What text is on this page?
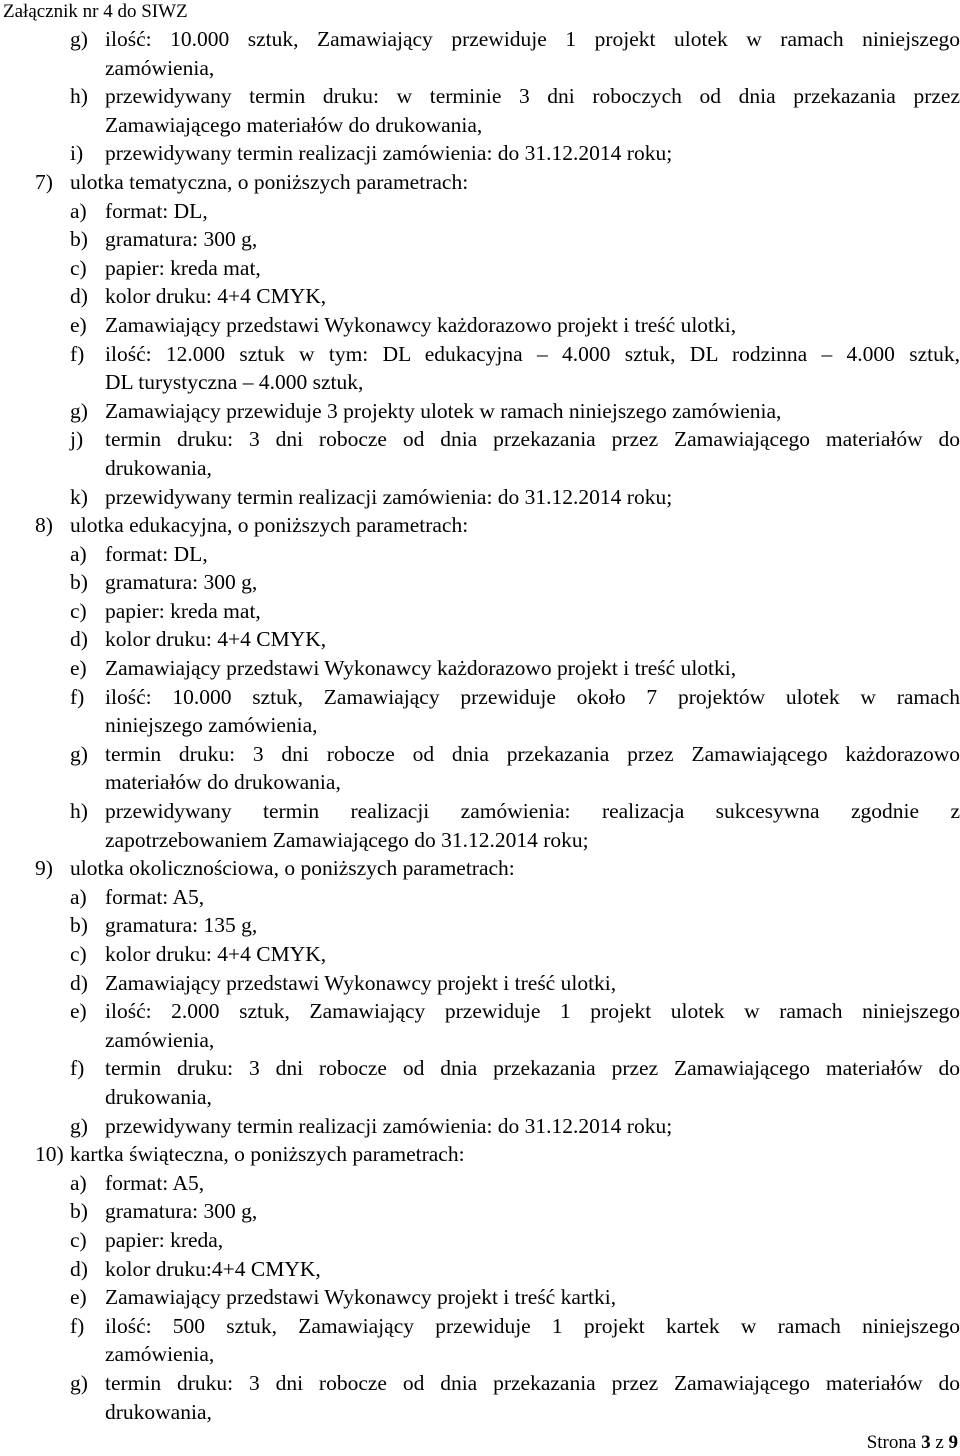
Załącznik nr 4 do SIWZ
g) ilość: 10.000 sztuk, Zamawiający przewiduje 1 projekt ulotek w ramach niniejszego
zamówienia,
h) przewidywany termin druku: w terminie 3 dni roboczych od dnia przekazania przez
Zamawiającego materiałów do drukowania,
i) przewidywany termin realizacji zamówienia: do 31.12.2014 roku;
7) ulotka tematyczna, o poniższych parametrach:
a) format: DL,
b) gramatura: 300 g,
c) papier: kreda mat,
d) kolor druku: 4+4 CMYK,
e) Zamawiający przedstawi Wykonawcy każdorazowo projekt i treść ulotki,
f) ilość: 12.000 sztuk w tym: DL edukacyjna – 4.000 sztuk, DL rodzinna – 4.000 sztuk,
DL turystyczna – 4.000 sztuk,
g) Zamawiający przewiduje 3 projekty ulotek w ramach niniejszego zamówienia,
j) termin druku: 3 dni robocze od dnia przekazania przez Zamawiającego materiałów do
drukowania,
k) przewidywany termin realizacji zamówienia: do 31.12.2014 roku;
8) ulotka edukacyjna, o poniższych parametrach:
a) format: DL,
b) gramatura: 300 g,
c) papier: kreda mat,
d) kolor druku: 4+4 CMYK,
e) Zamawiający przedstawi Wykonawcy każdorazowo projekt i treść ulotki,
f) ilość: 10.000 sztuk, Zamawiający przewiduje około 7 projektów ulotek w ramach
niniejszego zamówienia,
g) termin druku: 3 dni robocze od dnia przekazania przez Zamawiającego każdorazowo
materiałów do drukowania,
h) przewidywany termin realizacji zamówienia: realizacja sukcesywna zgodnie z
zapotrzebowaniem Zamawiającego do 31.12.2014 roku;
9) ulotka okolicznościowa, o poniższych parametrach:
a) format: A5,
b) gramatura: 135 g,
c) kolor druku: 4+4 CMYK,
d) Zamawiający przedstawi Wykonawcy projekt i treść ulotki,
e) ilość: 2.000 sztuk, Zamawiający przewiduje 1 projekt ulotek w ramach niniejszego
zamówienia,
f) termin druku: 3 dni robocze od dnia przekazania przez Zamawiającego materiałów do
drukowania,
g) przewidywany termin realizacji zamówienia: do 31.12.2014 roku;
10) kartka świąteczna, o poniższych parametrach:
a) format: A5,
b) gramatura: 300 g,
c) papier: kreda,
d) kolor druku:4+4 CMYK,
e) Zamawiający przedstawi Wykonawcy projekt i treść kartki,
f) ilość: 500 sztuk, Zamawiający przewiduje 1 projekt kartek w ramach niniejszego
zamówienia,
g) termin druku: 3 dni robocze od dnia przekazania przez Zamawiającego materiałów do
drukowania,
Strona 3 z 9
